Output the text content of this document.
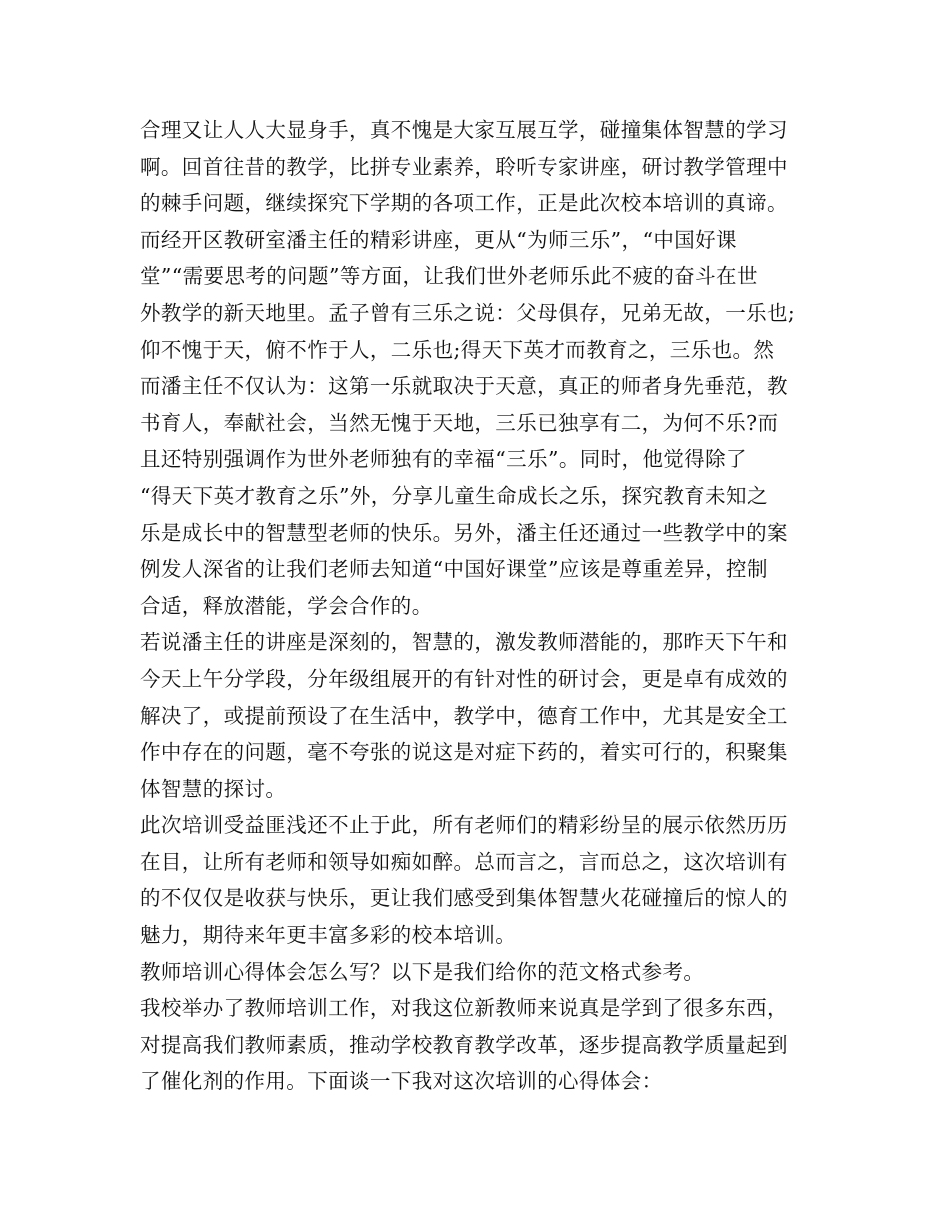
合理又让人人大显身手，真不愧是大家互展互学，碰撞集体智慧的学习
啊。回首往昔的教学，比拼专业素养，聆听专家讲座，研讨教学管理中
的棘手问题，继续探究下学期的各项工作，正是此次校本培训的真谛。
而经开区教研室潘主任的精彩讲座，更从“为师三乐”，“中国好课
堂”“需要思考的问题”等方面，让我们世外老师乐此不疲的奋斗在世
外教学的新天地里。孟子曾有三乐之说：父母俱存，兄弟无故，一乐也;
仰不愧于天，俯不怍于人，二乐也;得天下英才而教育之，三乐也。然
而潘主任不仅认为：这第一乐就取决于天意，真正的师者身先垂范，教
书育人，奉献社会，当然无愧于天地，三乐已独享有二，为何不乐?而
且还特别强调作为世外老师独有的幸福“三乐”。同时，他觉得除了
“得天下英才教育之乐”外，分享儿童生命成长之乐，探究教育未知之
乐是成长中的智慧型老师的快乐。另外，潘主任还通过一些教学中的案
例发人深省的让我们老师去知道“中国好课堂”应该是尊重差异，控制
合适，释放潜能，学会合作的。
若说潘主任的讲座是深刻的，智慧的，激发教师潜能的，那昨天下午和
今天上午分学段，分年级组展开的有针对性的研讨会，更是卓有成效的
解决了，或提前预设了在生活中，教学中，德育工作中，尤其是安全工
作中存在的问题，毫不夸张的说这是对症下药的，着实可行的，积聚集
体智慧的探讨。
此次培训受益匪浅还不止于此，所有老师们的精彩纷呈的展示依然历历
在目，让所有老师和领导如痴如醉。总而言之，言而总之，这次培训有
的不仅仅是收获与快乐，更让我们感受到集体智慧火花碰撞后的惊人的
魅力，期待来年更丰富多彩的校本培训。
教师培训心得体会怎么写？以下是我们给你的范文格式参考。
我校举办了教师培训工作，对我这位新教师来说真是学到了很多东西，
对提高我们教师素质，推动学校教育教学改革，逐步提高教学质量起到
了催化剂的作用。下面谈一下我对这次培训的心得体会：
